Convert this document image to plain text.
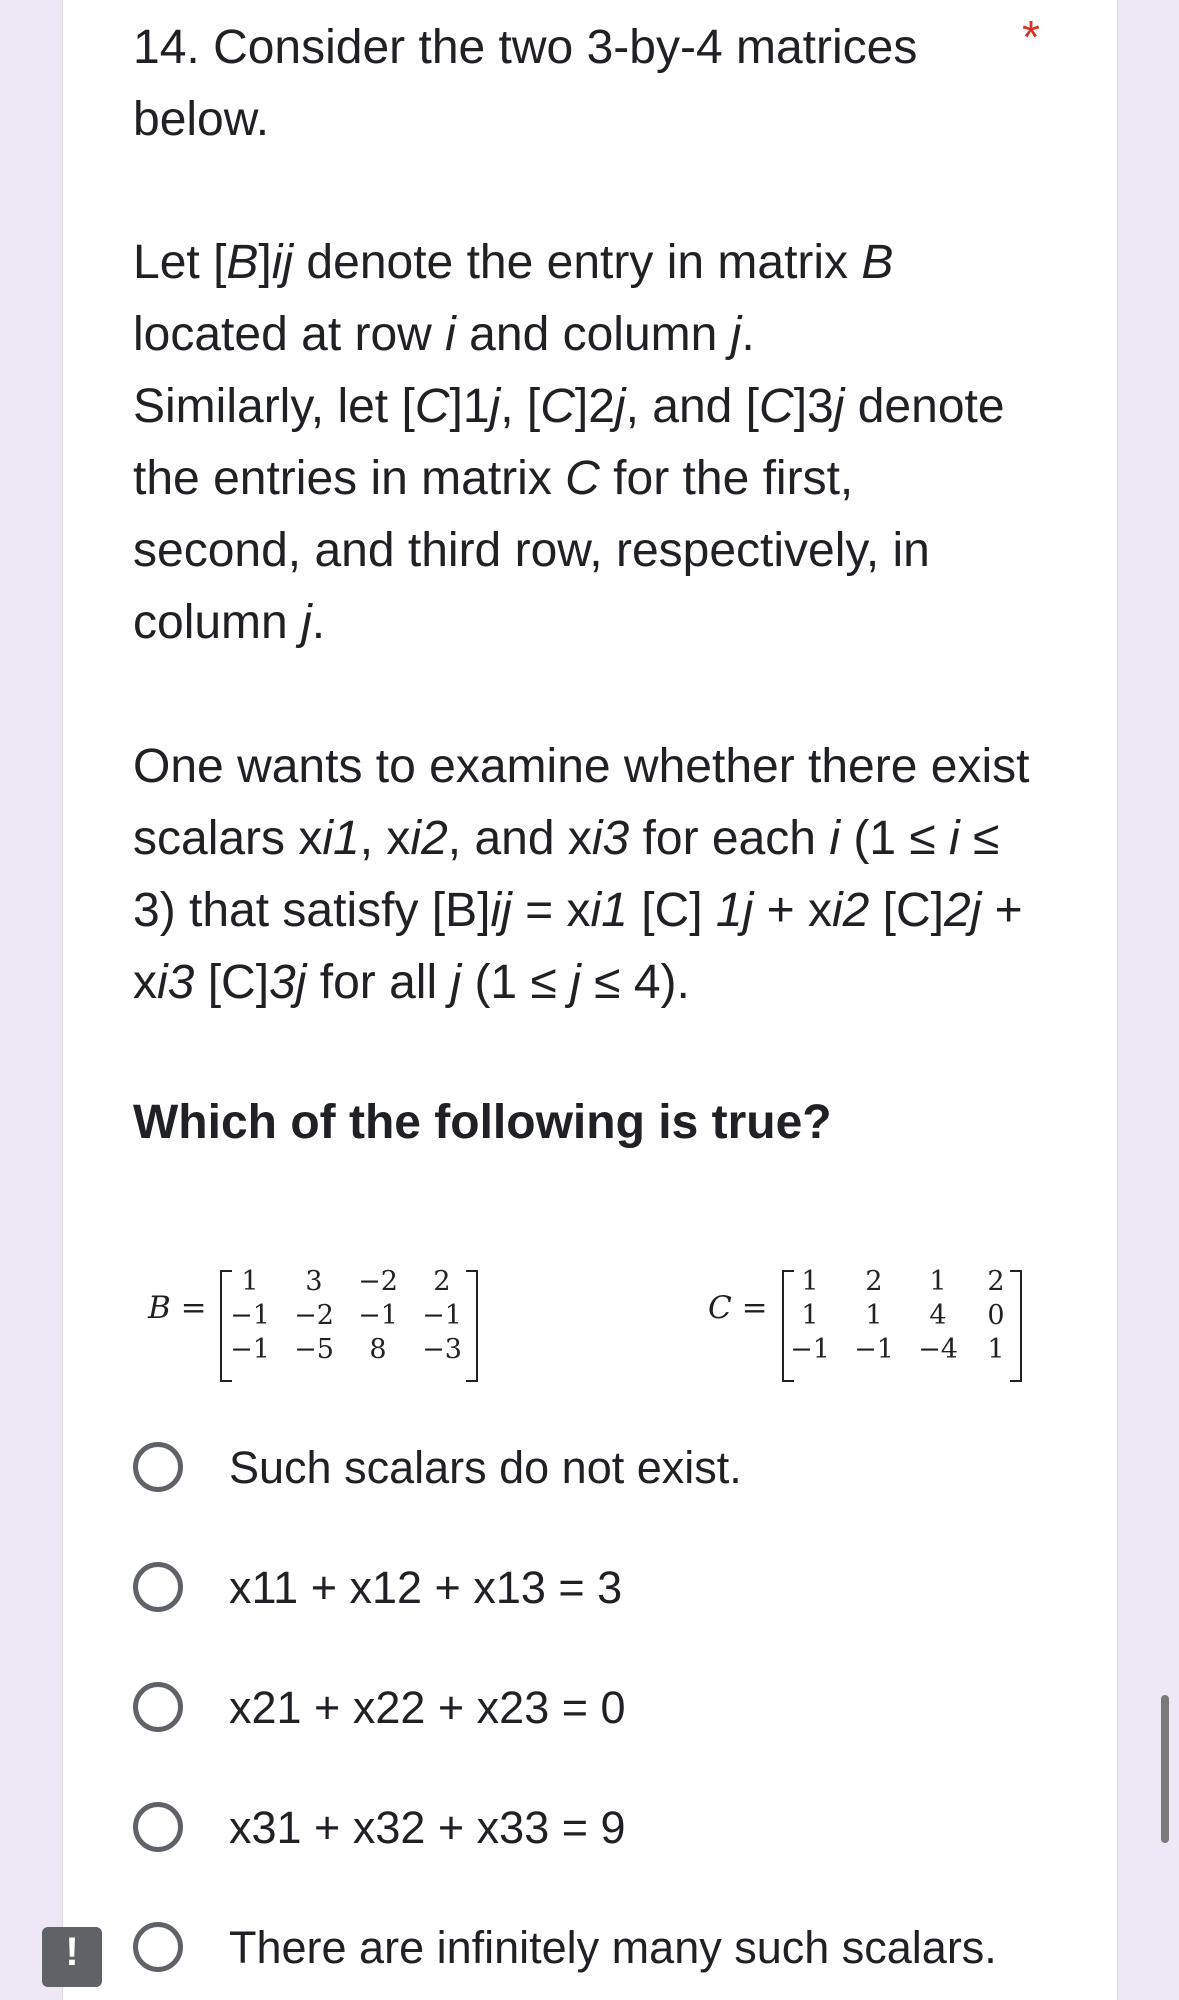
14. Consider the two 3-by-4 matrices below.
*

Let [B]ij denote the entry in matrix B located at row i and column j.
Similarly, let [C]1j, [C]2j, and [C]3j denote the entries in matrix C for the first, second, and third row, respectively, in column j.

One wants to examine whether there exist scalars xi1, xi2, and xi3 for each i (1 ≤ i ≤ 3) that satisfy [B]ij = xi1 [C] 1j + xi2 [C]2j + xi3 [C]3j for all j (1 ≤ j ≤ 4).

Which of the following is true?

B =
1	3	−2	2
−1 −2 −1 −1
−1 −5	8	−3
C =
1	2	1	2
1	1	4	0
−1 −1 −4	1
Such scalars do not exist.
x11 + x12 + x13 = 3
x21 + x22 + x23 = 0
x31 + x32 + x33 = 9
There are infinitely many such scalars.
!
